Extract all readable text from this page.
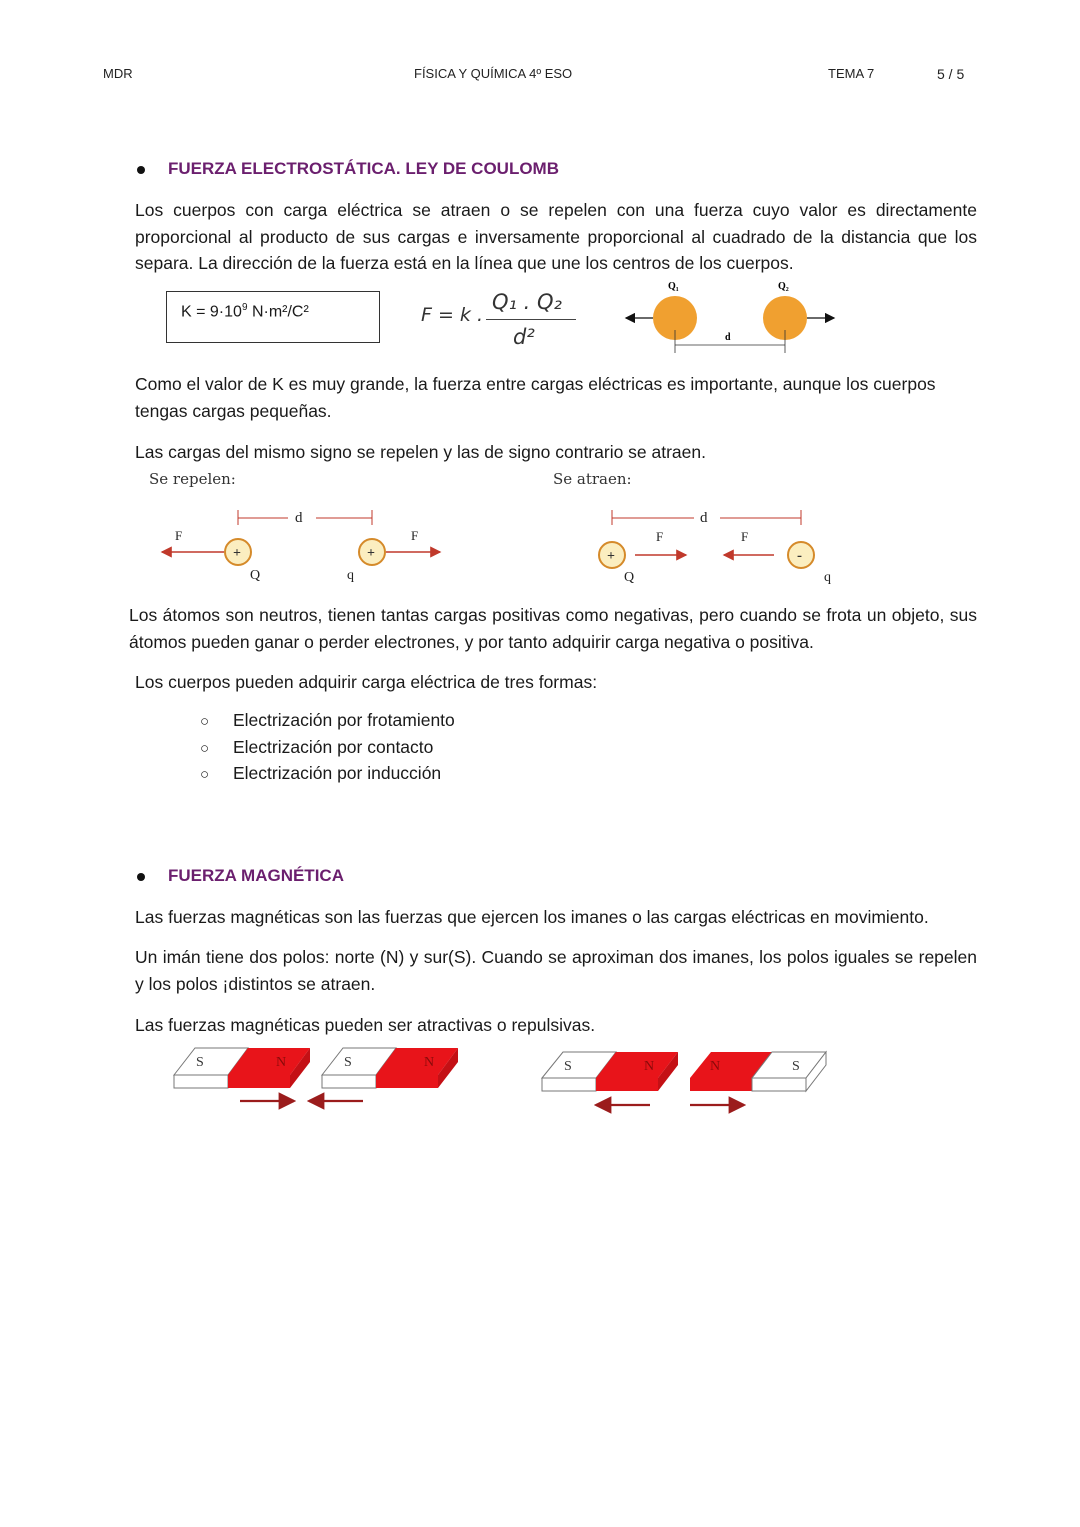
MDR	FÍSICA Y QUÍMICA 4º ESO	TEMA 7	5 / 5
FUERZA ELECTROSTÁTICA. LEY DE COULOMB
Los cuerpos con carga eléctrica se atraen o se repelen con una fuerza cuyo valor es directamente proporcional al producto de sus cargas e inversamente proporcional al cuadrado de la distancia que los separa. La dirección de la fuerza está en la línea que une los centros de los cuerpos.
$K = 9\cdot 10^9$ N·m²/C²	F = k .
Q₁ . Q₂
d²
Q₁	Q₂
d
Como el valor de K es muy grande, la fuerza entre cargas eléctricas es importante, aunque los cuerpos tengas cargas pequeñas.
Las cargas del mismo signo se repelen y las de signo contrario se atraen.
Se repelen:	Se atraen:
d
F
+
Q
+
q
F
d
+
Q
F	F
-
q
Los átomos son neutros, tienen tantas cargas positivas como negativas, pero cuando se frota un objeto, sus átomos pueden ganar o perder electrones, y por tanto adquirir carga negativa o positiva.
Los cuerpos pueden adquirir carga eléctrica de tres formas:
○ Electrización por frotamiento
○ Electrización por contacto
○ Electrización por inducción
FUERZA MAGNÉTICA
Las fuerzas magnéticas son las fuerzas que ejercen los imanes o las cargas eléctricas en movimiento.
Un imán tiene dos polos: norte (N) y sur(S). Cuando se aproximan dos imanes, los polos iguales se repelen y los polos ¡distintos se atraen.
Las fuerzas magnéticas pueden ser atractivas o repulsivas.
S	N	S	N	S	N	N	S
